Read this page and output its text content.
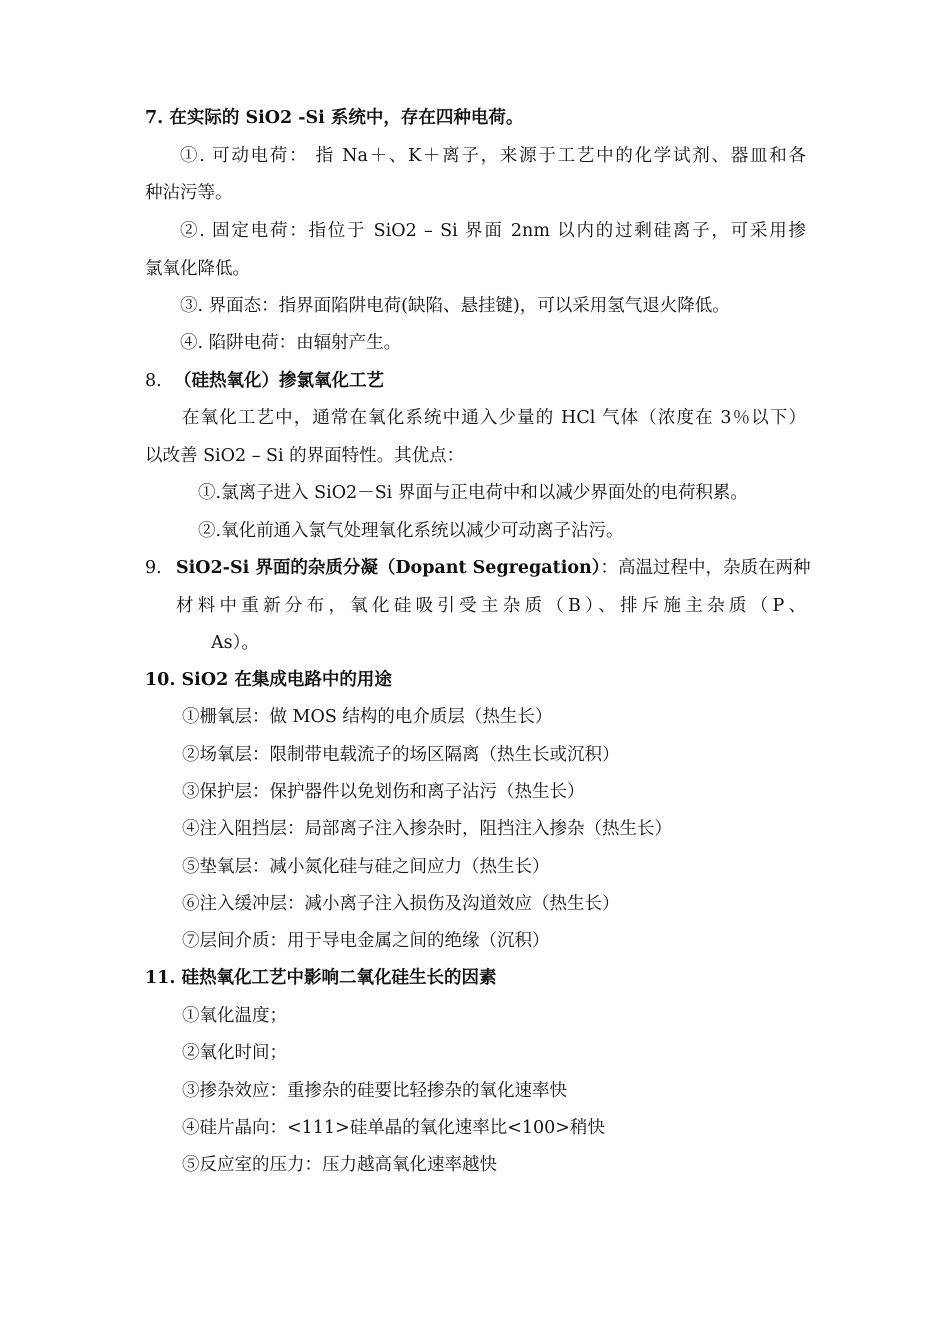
7. 在实际的 SiO2 -Si 系统中，存在四种电荷。
①. 可动电荷： 指 Na＋、K＋离子，来源于工艺中的化学试剂、器皿和各
种沾污等。
②. 固定电荷：指位于 SiO2 – Si 界面 2nm 以内的过剩硅离子，可采用掺
氯氧化降低。
③. 界面态：指界面陷阱电荷(缺陷、悬挂键)，可以采用氢气退火降低。
④. 陷阱电荷：由辐射产生。
8. （硅热氧化）掺氯氧化工艺
在氧化工艺中，通常在氧化系统中通入少量的 HCl 气体（浓度在 3％以下）
以改善 SiO2 – Si 的界面特性。其优点：
①.氯离子进入 SiO2－Si 界面与正电荷中和以减少界面处的电荷积累。
②.氧化前通入氯气处理氧化系统以减少可动离子沾污。
9. SiO2-Si 界面的杂质分凝（Dopant Segregation）：高温过程中，杂质在两种
材料中重新分布，氧化硅吸引受主杂质（B）、排斥施主杂质（P、
As）。
10. SiO2 在集成电路中的用途
①栅氧层：做 MOS 结构的电介质层（热生长）
②场氧层：限制带电载流子的场区隔离（热生长或沉积）
③保护层：保护器件以免划伤和离子沾污（热生长）
④注入阻挡层：局部离子注入掺杂时，阻挡注入掺杂（热生长）
⑤垫氧层：减小氮化硅与硅之间应力（热生长）
⑥注入缓冲层：减小离子注入损伤及沟道效应（热生长）
⑦层间介质：用于导电金属之间的绝缘（沉积）
11. 硅热氧化工艺中影响二氧化硅生长的因素
①氧化温度；
②氧化时间；
③掺杂效应：重掺杂的硅要比轻掺杂的氧化速率快
④硅片晶向：<111>硅单晶的氧化速率比<100>稍快
⑤反应室的压力：压力越高氧化速率越快
